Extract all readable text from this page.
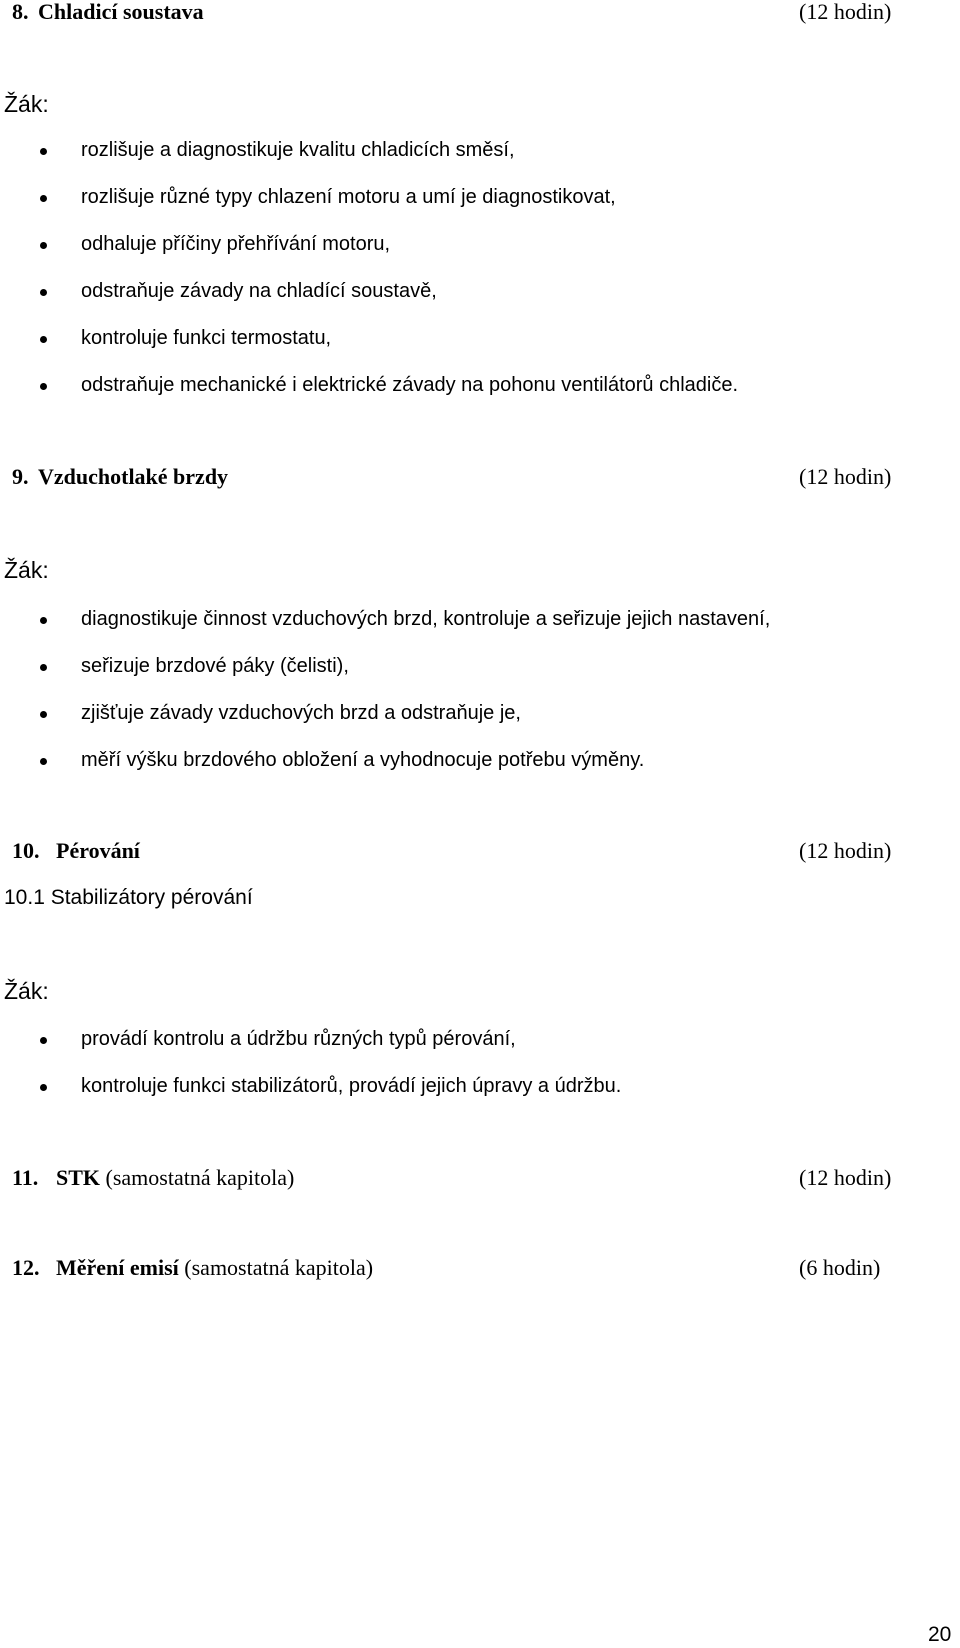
8. Chladicí soustava	(12 hodin)
Žák:
rozlišuje a diagnostikuje kvalitu chladicích směsí,
rozlišuje různé typy chlazení motoru a umí je diagnostikovat,
odhaluje příčiny přehřívání motoru,
odstraňuje závady na chladící soustavě,
kontroluje funkci termostatu,
odstraňuje mechanické i elektrické závady na pohonu ventilátorů chladiče.
9. Vzduchotlaké brzdy	(12 hodin)
Žák:
diagnostikuje činnost vzduchových brzd, kontroluje a seřizuje jejich nastavení,
seřizuje brzdové páky (čelisti),
zjišťuje závady vzduchových brzd a odstraňuje je,
měří výšku brzdového obložení a vyhodnocuje potřebu výměny.
10. Pérování	(12 hodin)
10.1 Stabilizátory pérování
Žák:
provádí kontrolu a údržbu různých typů pérování,
kontroluje funkci stabilizátorů, provádí jejich úpravy a údržbu.
11. STK (samostatná kapitola)	(12 hodin)
12. Měření emisí (samostatná kapitola)	(6 hodin)
20
